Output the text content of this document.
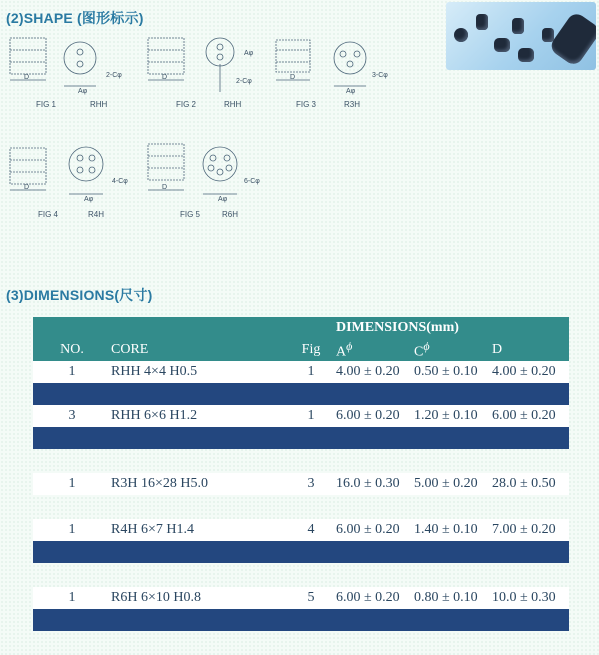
(2)SHAPE (图形标示)
FIG 1	RHH	FIG 2	RHH	FIG 3	R3H
FIG 4	R4H	FIG 5	R6H
D	2-Cφ
Aφ
D
2-Cφ
Aφ
D	3-Cφ
Aφ
D
4-Cφ
Aφ
D
6-Cφ
Aφ
(3)DIMENSIONS(尺寸)
			DIMENSIONS(mm)		
NO.	CORE	Fig	$A^\phi$	$C^\phi$	D
1	RHH 4×4 H0.5	1	4.00 ± 0.20	0.50 ± 0.10	4.00 ± 0.20

3	RHH 6×6 H1.2	1	6.00 ± 0.20	1.20 ± 0.10	6.00 ± 0.20

1	R3H 16×28 H5.0	3	16.0 ± 0.30	5.00 ± 0.20	28.0 ± 0.50

1	R4H 6×7 H1.4	4	6.00 ± 0.20	1.40 ± 0.10	7.00 ± 0.20

1	R6H 6×10 H0.8	5	6.00 ± 0.20	0.80 ± 0.10	10.0 ± 0.30
